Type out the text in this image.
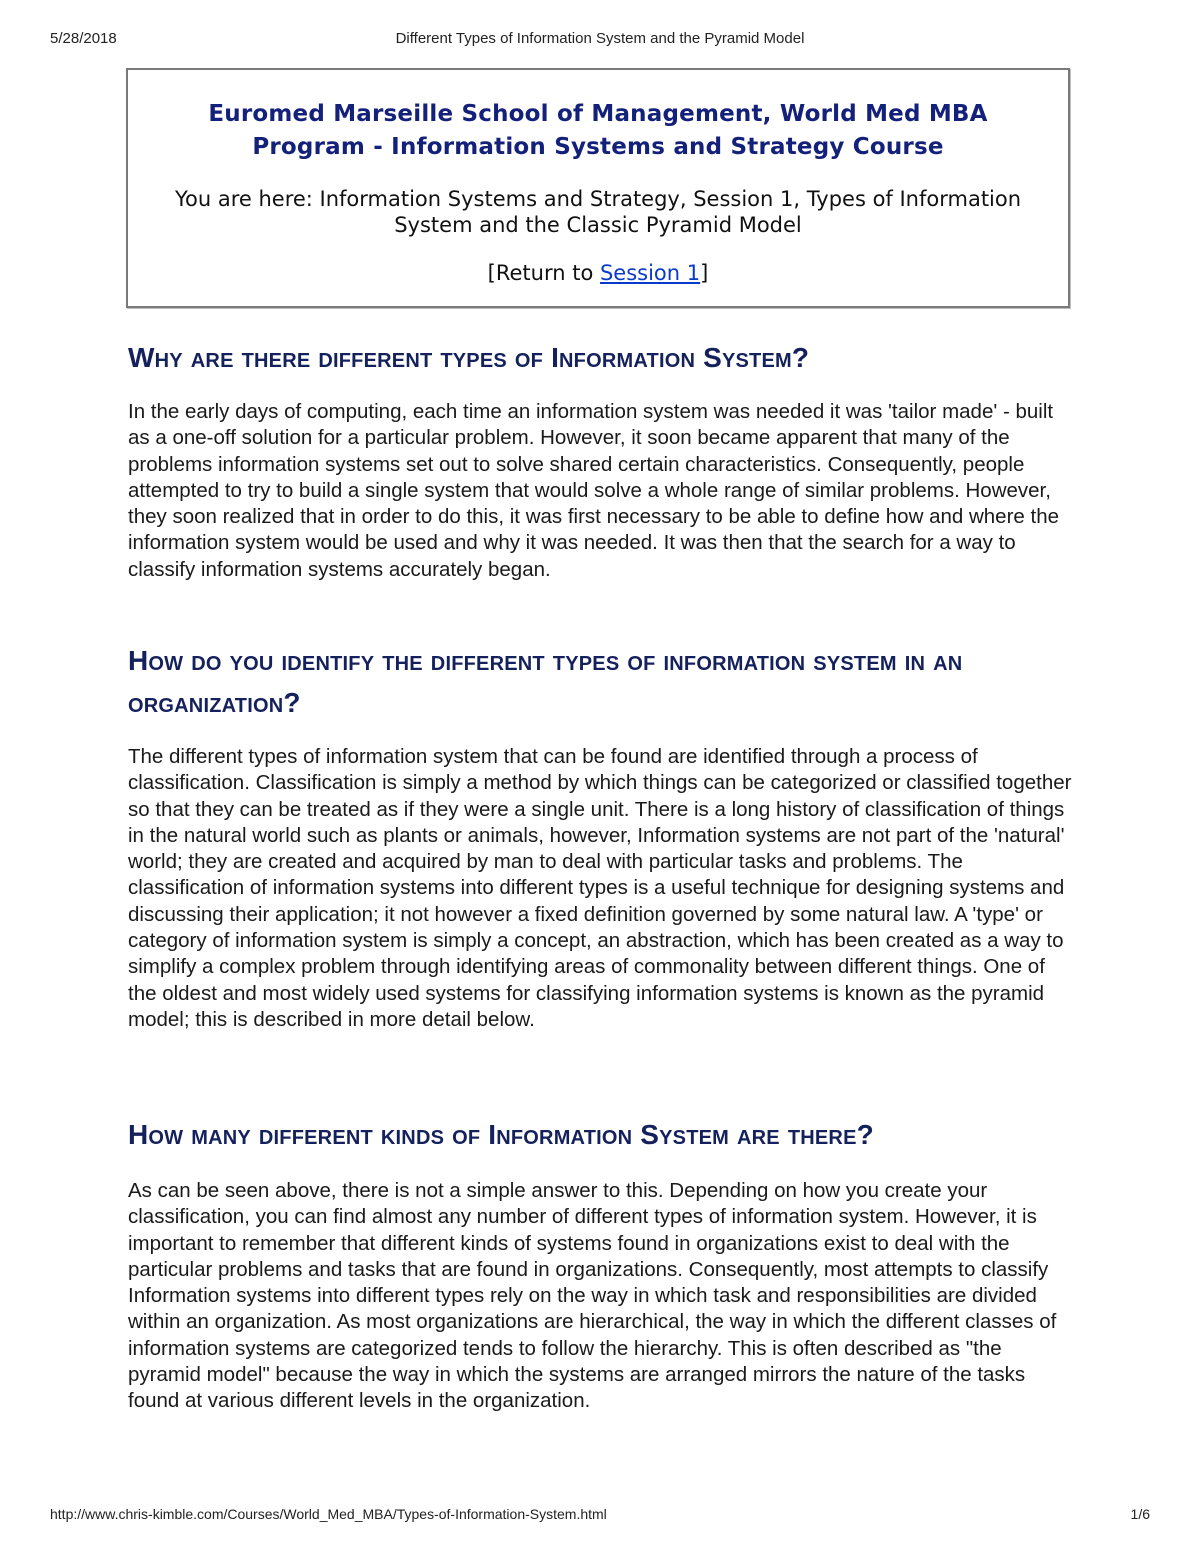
5/28/2018	Different Types of Information System and the Pyramid Model
Euromed Marseille School of Management, World Med MBA Program - Information Systems and Strategy Course
You are here: Information Systems and Strategy, Session 1, Types of Information System and the Classic Pyramid Model
[Return to Session 1]
Why are there different types of Information System?

In the early days of computing, each time an information system was needed it was 'tailor made' - built as a one-off solution for a particular problem. However, it soon became apparent that many of the problems information systems set out to solve shared certain characteristics. Consequently, people attempted to try to build a single system that would solve a whole range of similar problems. However, they soon realized that in order to do this, it was first necessary to be able to define how and where the information system would be used and why it was needed. It was then that the search for a way to classify information systems accurately began.

How do you identify the different types of information system in an organization?

The different types of information system that can be found are identified through a process of classification. Classification is simply a method by which things can be categorized or classified together so that they can be treated as if they were a single unit. There is a long history of classification of things in the natural world such as plants or animals, however, Information systems are not part of the 'natural' world; they are created and acquired by man to deal with particular tasks and problems. The classification of information systems into different types is a useful technique for designing systems and discussing their application; it not however a fixed definition governed by some natural law. A 'type' or category of information system is simply a concept, an abstraction, which has been created as a way to simplify a complex problem through identifying areas of commonality between different things. One of the oldest and most widely used systems for classifying information systems is known as the pyramid model; this is described in more detail below.

How many different kinds of Information System are there?

As can be seen above, there is not a simple answer to this. Depending on how you create your classification, you can find almost any number of different types of information system. However, it is important to remember that different kinds of systems found in organizations exist to deal with the particular problems and tasks that are found in organizations. Consequently, most attempts to classify Information systems into different types rely on the way in which task and responsibilities are divided within an organization. As most organizations are hierarchical, the way in which the different classes of information systems are categorized tends to follow the hierarchy. This is often described as "the pyramid model" because the way in which the systems are arranged mirrors the nature of the tasks found at various different levels in the organization.

http://www.chris-kimble.com/Courses/World_Med_MBA/Types-of-Information-System.html	1/6
